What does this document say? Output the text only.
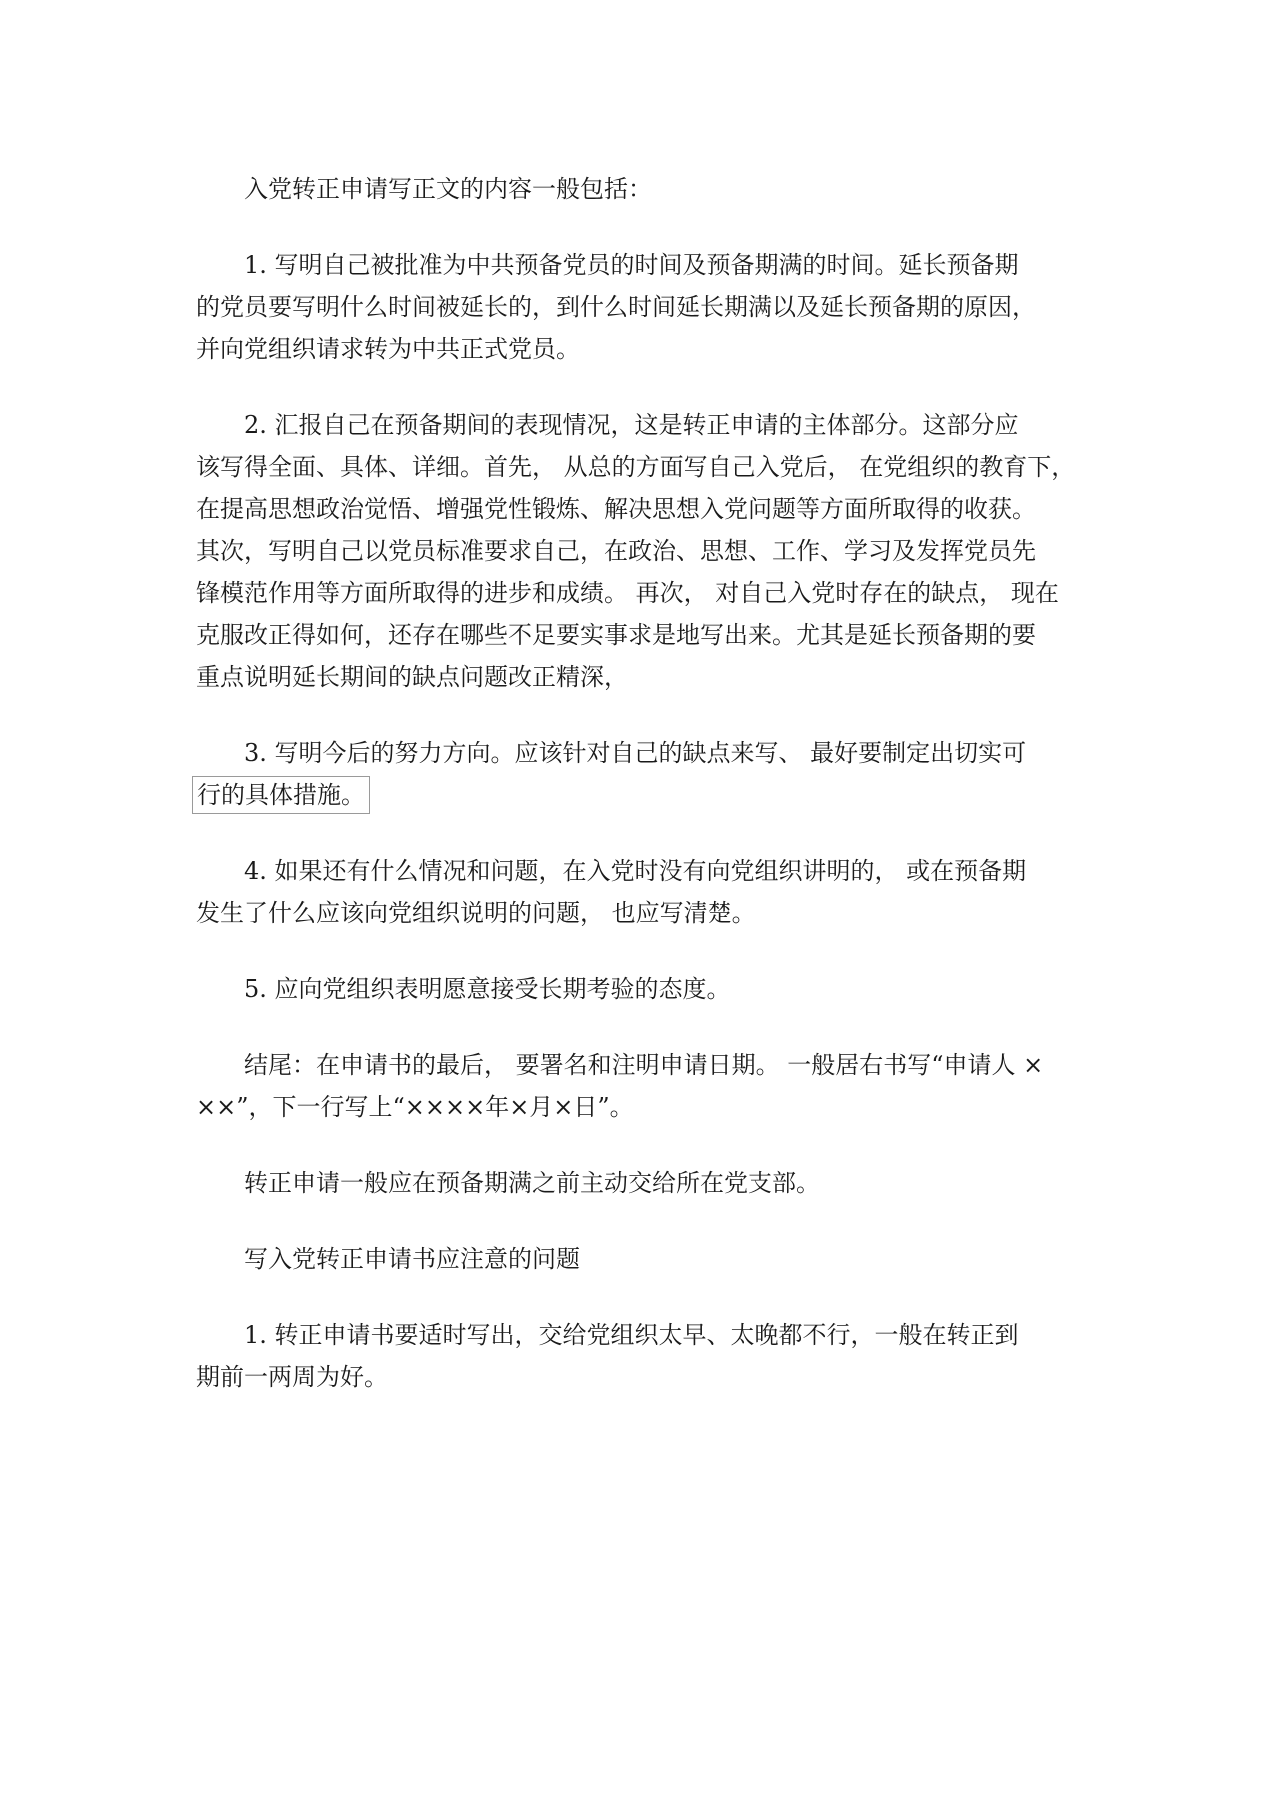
入党转正申请写正文的内容一般包括：

1. 写明自己被批准为中共预备党员的时间及预备期满的时间。延长预备期
的党员要写明什么时间被延长的，到什么时间延长期满以及延长预备期的原因，
并向党组织请求转为中共正式党员。

2. 汇报自己在预备期间的表现情况，这是转正申请的主体部分。这部分应
该写得全面、具体、详细。首先， 从总的方面写自己入党后， 在党组织的教育下，
在提高思想政治觉悟、增强党性锻炼、解决思想入党问题等方面所取得的收获。
其次，写明自己以党员标准要求自己，在政治、思想、工作、学习及发挥党员先
锋模范作用等方面所取得的进步和成绩。 再次， 对自己入党时存在的缺点， 现在
克服改正得如何，还存在哪些不足要实事求是地写出来。尤其是延长预备期的要
重点说明延长期间的缺点问题改正精深，

3. 写明今后的努力方向。应该针对自己的缺点来写、 最好要制定出切实可
行的具体措施。

4. 如果还有什么情况和问题，在入党时没有向党组织讲明的， 或在预备期
发生了什么应该向党组织说明的问题， 也应写清楚。

5. 应向党组织表明愿意接受长期考验的态度。

结尾：在申请书的最后， 要署名和注明申请日期。 一般居右书写“申请人 ×
××”，下一行写上“××××年×月×日”。

转正申请一般应在预备期满之前主动交给所在党支部。

写入党转正申请书应注意的问题

1. 转正申请书要适时写出，交给党组织太早、太晚都不行，一般在转正到
期前一两周为好。
